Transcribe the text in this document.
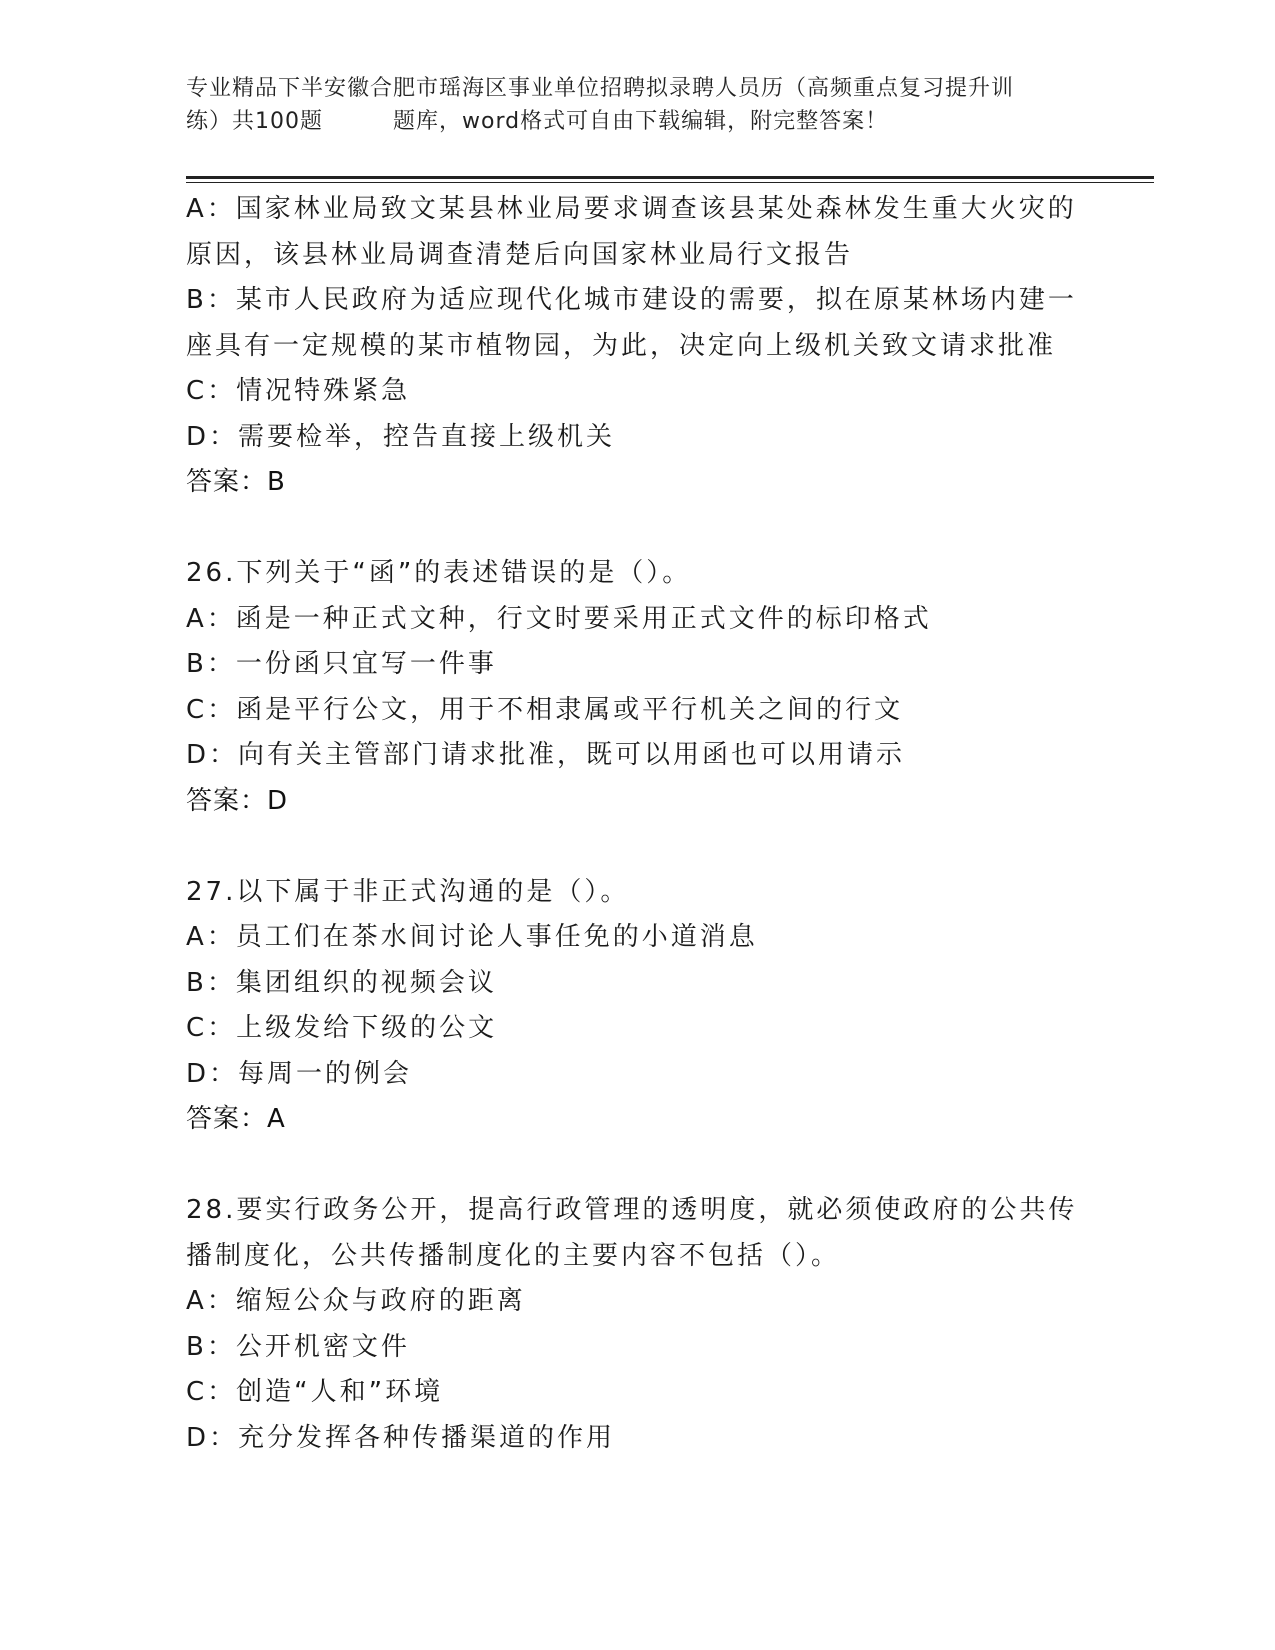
专业精品下半安徽合肥市瑶海区事业单位招聘拟录聘人员历（高频重点复习提升训
练）共100题	题库，word格式可自由下载编辑，附完整答案！
A：国家林业局致文某县林业局要求调查该县某处森林发生重大火灾的
原因，该县林业局调查清楚后向国家林业局行文报告
B：某市人民政府为适应现代化城市建设的需要，拟在原某林场内建一
座具有一定规模的某市植物园，为此，决定向上级机关致文请求批准
C：情况特殊紧急
D：需要检举，控告直接上级机关
答案：B
26.下列关于“函”的表述错误的是（）。
A：函是一种正式文种，行文时要采用正式文件的标印格式
B：一份函只宜写一件事
C：函是平行公文，用于不相隶属或平行机关之间的行文
D：向有关主管部门请求批准，既可以用函也可以用请示
答案：D
27.以下属于非正式沟通的是（）。
A：员工们在茶水间讨论人事任免的小道消息
B：集团组织的视频会议
C：上级发给下级的公文
D：每周一的例会
答案：A
28.要实行政务公开，提高行政管理的透明度，就必须使政府的公共传
播制度化，公共传播制度化的主要内容不包括（）。
A：缩短公众与政府的距离
B：公开机密文件
C：创造“人和”环境
D：充分发挥各种传播渠道的作用
